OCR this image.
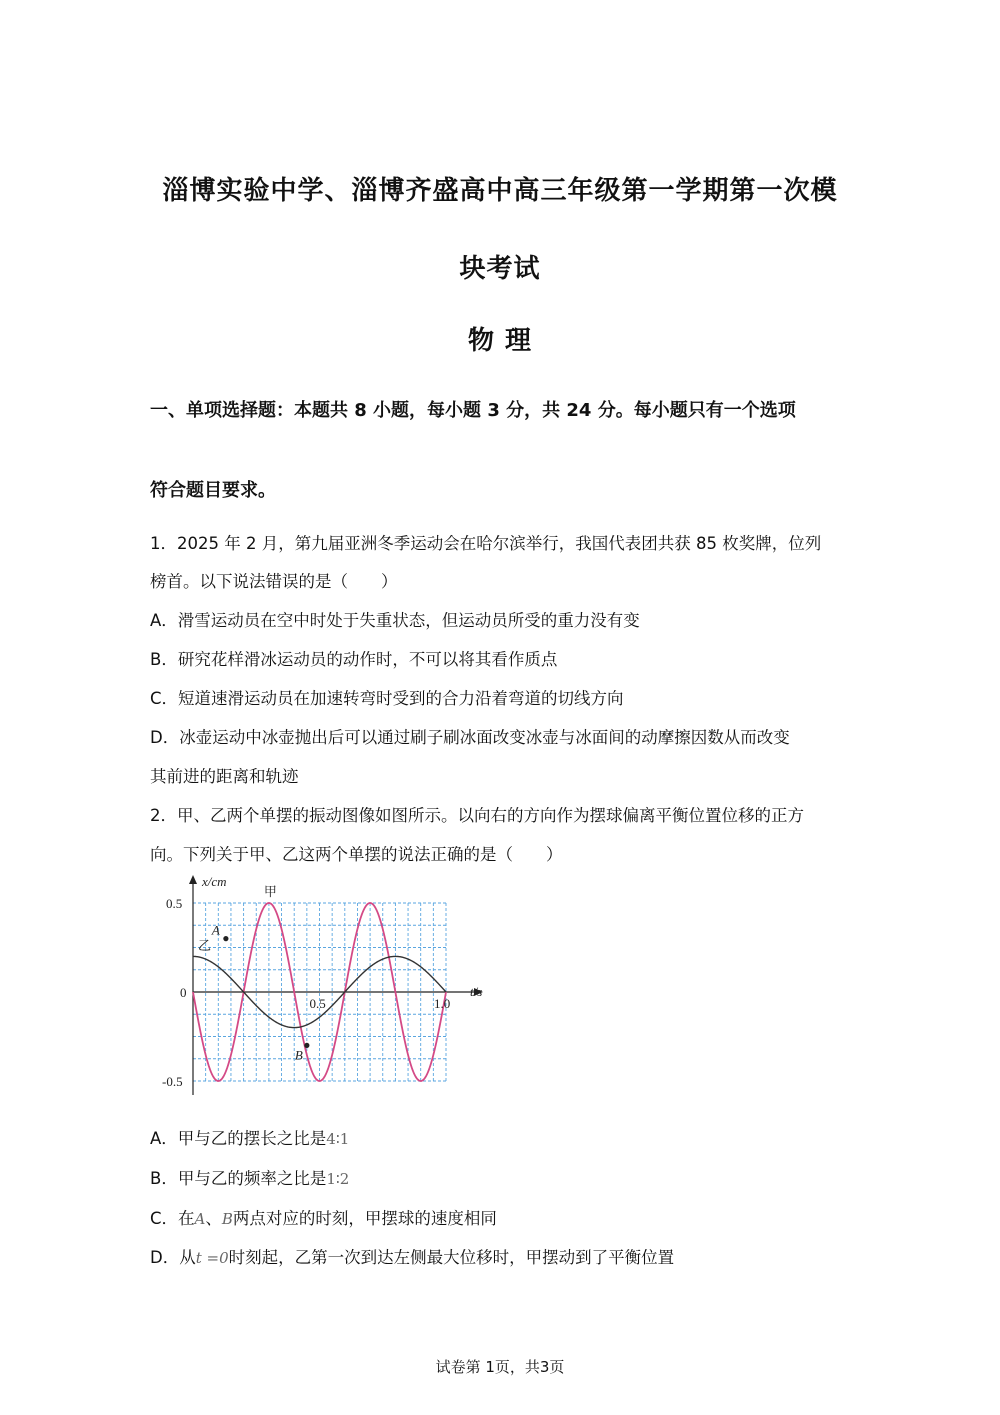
淄博实验中学、淄博齐盛高中高三年级第一学期第一次模
块考试
物 理
一、单项选择题：本题共 8 小题，每小题 3 分，共 24 分。每小题只有一个选项
符合题目要求。
1．2025 年 2 月，第九届亚洲冬季运动会在哈尔滨举行，我国代表团共获 85 枚奖牌，位列
榜首。以下说法错误的是（　　）
A．滑雪运动员在空中时处于失重状态，但运动员所受的重力没有变
B．研究花样滑冰运动员的动作时，不可以将其看作质点
C．短道速滑运动员在加速转弯时受到的合力沿着弯道的切线方向
D．冰壶运动中冰壶抛出后可以通过刷子刷冰面改变冰壶与冰面间的动摩擦因数从而改变
其前进的距离和轨迹
2．甲、乙两个单摆的振动图像如图所示。以向右的方向作为摆球偏离平衡位置位移的正方
向。下列关于甲、乙这两个单摆的说法正确的是（　　）
x/cm
t/s
0.5
0
-0.5
0.5	1.0
甲
乙
A
B
A．甲与乙的摆长之比是4∶1
B．甲与乙的频率之比是1∶2
C．在A、B两点对应的时刻，甲摆球的速度相同
D．从t =0时刻起，乙第一次到达左侧最大位移时，甲摆动到了平衡位置
试卷第 1页，共3页
